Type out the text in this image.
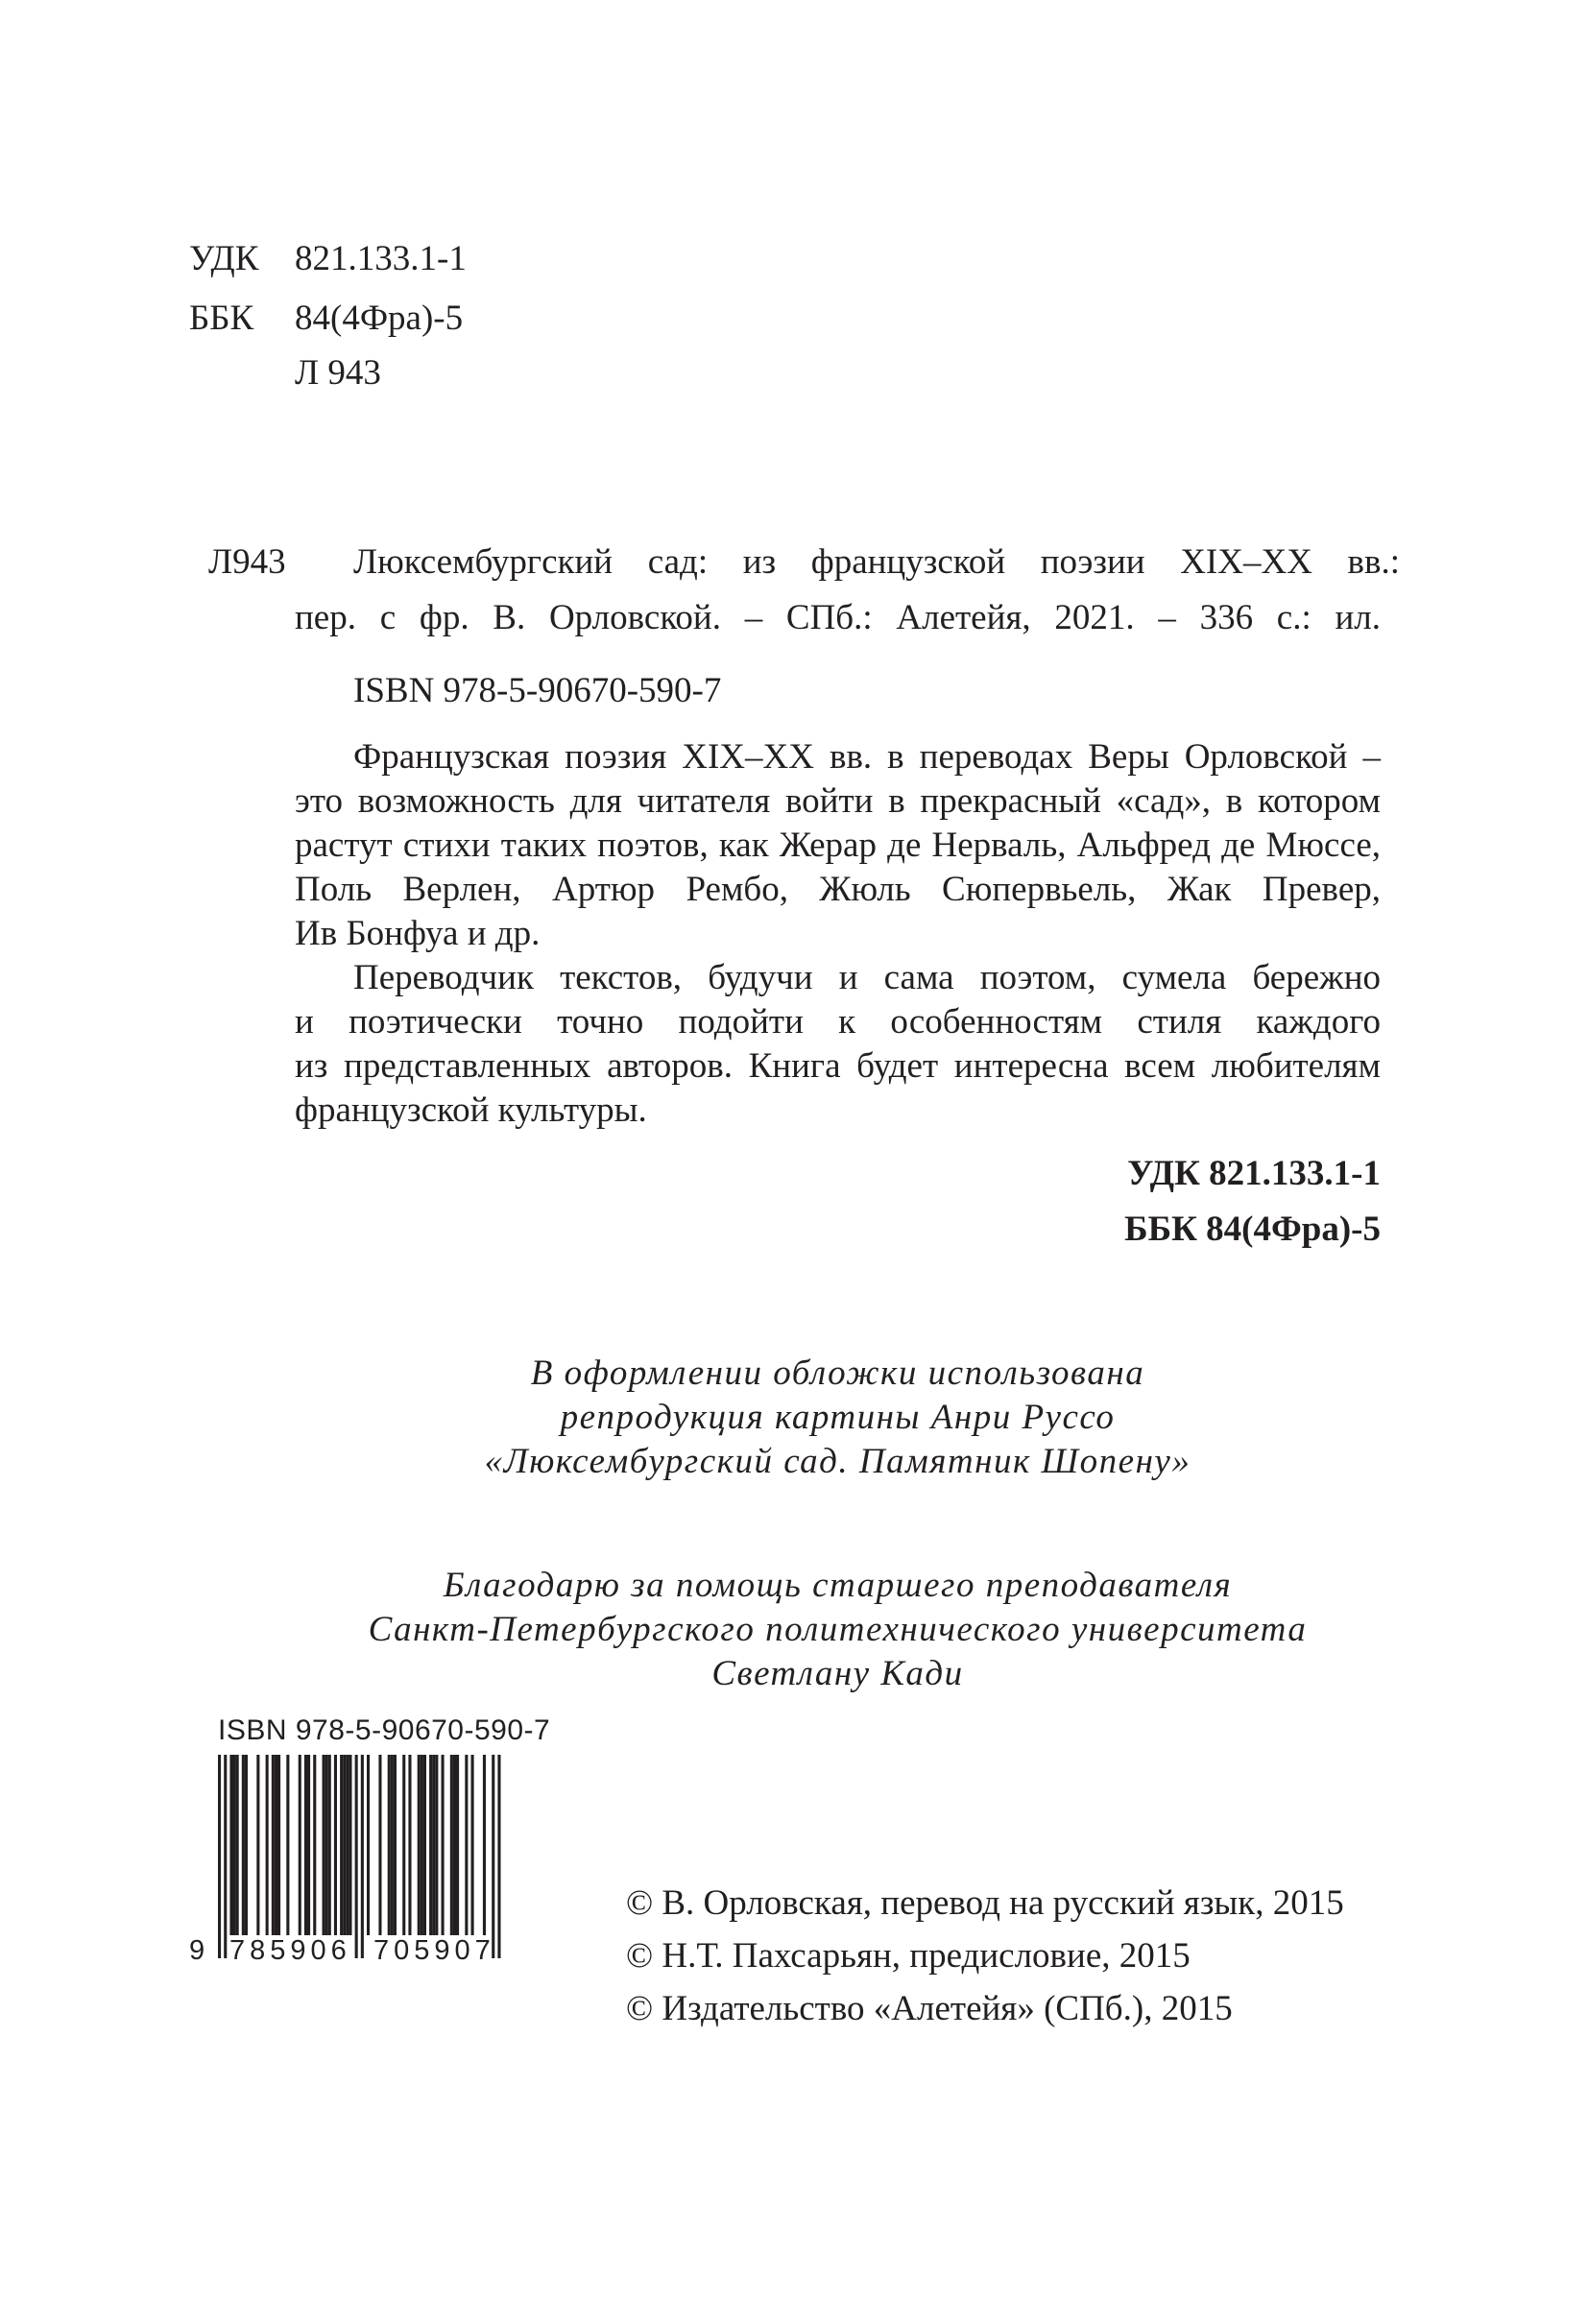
УДК 821.133.1-1
ББК 84(4Фра)-5
Л 943
Л943 Люксембургский сад: из французской поэзии XIX–XX вв.:
пер. с фр. В. Орловской. – СПб.: Алетейя, 2021. – 336 с.: ил.
ISBN 978-5-90670-590-7
Французская поэзия XIX–XX вв. в переводах Веры Орловской –
это возможность для читателя войти в прекрасный «сад», в котором
растут стихи таких поэтов, как Жерар де Нерваль, Альфред де Мюссе,
Поль Верлен, Артюр Рембо, Жюль Сюпервьель, Жак Превер,
Ив Бонфуа и др.
Переводчик текстов, будучи и сама поэтом, сумела бережно
и поэтически точно подойти к особенностям стиля каждого
из представленных авторов. Книга будет интересна всем любителям
французской культуры.
УДК 821.133.1-1
ББК 84(4Фра)-5
В оформлении обложки использована
репродукция картины Анри Руссо
«Люксембургский сад. Памятник Шопену»
Благодарю за помощь старшего преподавателя
Санкт-Петербургского политехнического университета
Светлану Кади
ISBN 978-5-90670-590-7
9 785906 705907
© В. Орловская, перевод на русский язык, 2015
© Н.Т. Пахсарьян, предисловие, 2015
© Издательство «Алетейя» (СПб.), 2015
